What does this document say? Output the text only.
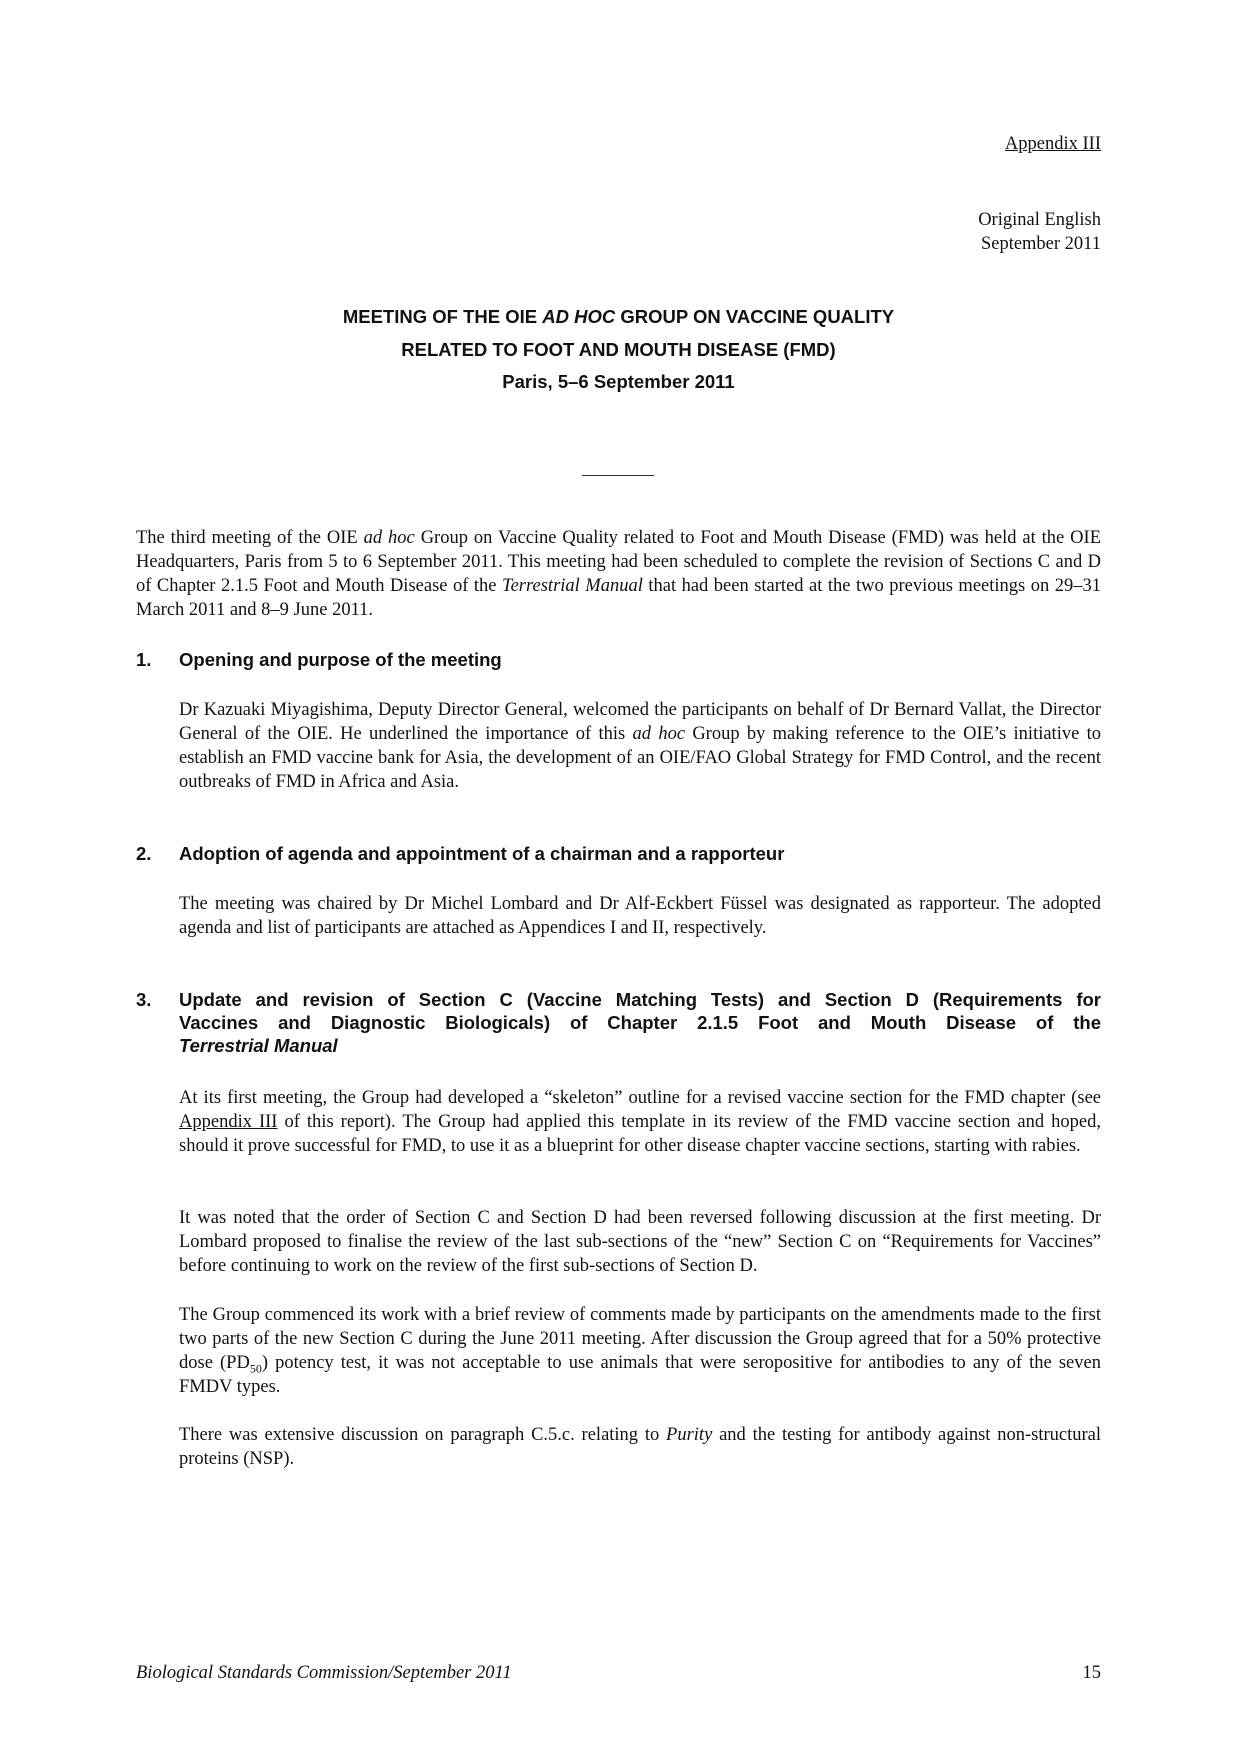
Appendix III
Original English
September 2011
MEETING OF THE OIE AD HOC GROUP ON VACCINE QUALITY
RELATED TO FOOT AND MOUTH DISEASE (FMD)
Paris, 5–6 September 2011

The third meeting of the OIE ad hoc Group on Vaccine Quality related to Foot and Mouth Disease (FMD) was held at the OIE Headquarters, Paris from 5 to 6 September 2011. This meeting had been scheduled to complete the revision of Sections C and D of Chapter 2.1.5 Foot and Mouth Disease of the Terrestrial Manual that had been started at the two previous meetings on 29–31 March 2011 and 8–9 June 2011.

1. Opening and purpose of the meeting

Dr Kazuaki Miyagishima, Deputy Director General, welcomed the participants on behalf of Dr Bernard Vallat, the Director General of the OIE. He underlined the importance of this ad hoc Group by making reference to the OIE’s initiative to establish an FMD vaccine bank for Asia, the development of an OIE/FAO Global Strategy for FMD Control, and the recent outbreaks of FMD in Africa and Asia.

2. Adoption of agenda and appointment of a chairman and a rapporteur

The meeting was chaired by Dr Michel Lombard and Dr Alf-Eckbert Füssel was designated as rapporteur. The adopted agenda and list of participants are attached as Appendices I and II, respectively.

3. Update and revision of Section C (Vaccine Matching Tests) and Section D (Requirements for
Vaccines and Diagnostic Biologicals) of Chapter 2.1.5 Foot and Mouth Disease of the
Terrestrial Manual

At its first meeting, the Group had developed a “skeleton” outline for a revised vaccine section for the FMD chapter (see Appendix III of this report). The Group had applied this template in its review of the FMD vaccine section and hoped, should it prove successful for FMD, to use it as a blueprint for other disease chapter vaccine sections, starting with rabies.

It was noted that the order of Section C and Section D had been reversed following discussion at the first meeting. Dr Lombard proposed to finalise the review of the last sub-sections of the “new” Section C on “Requirements for Vaccines” before continuing to work on the review of the first sub-sections of Section D.

The Group commenced its work with a brief review of comments made by participants on the amendments made to the first two parts of the new Section C during the June 2011 meeting. After discussion the Group agreed that for a 50% protective dose $(PD_{50})$ potency test, it was not acceptable to use animals that were seropositive for antibodies to any of the seven FMDV types.

There was extensive discussion on paragraph C.5.c. relating to Purity and the testing for antibody against non-structural proteins (NSP).

Biological Standards Commission/September 2011	15
